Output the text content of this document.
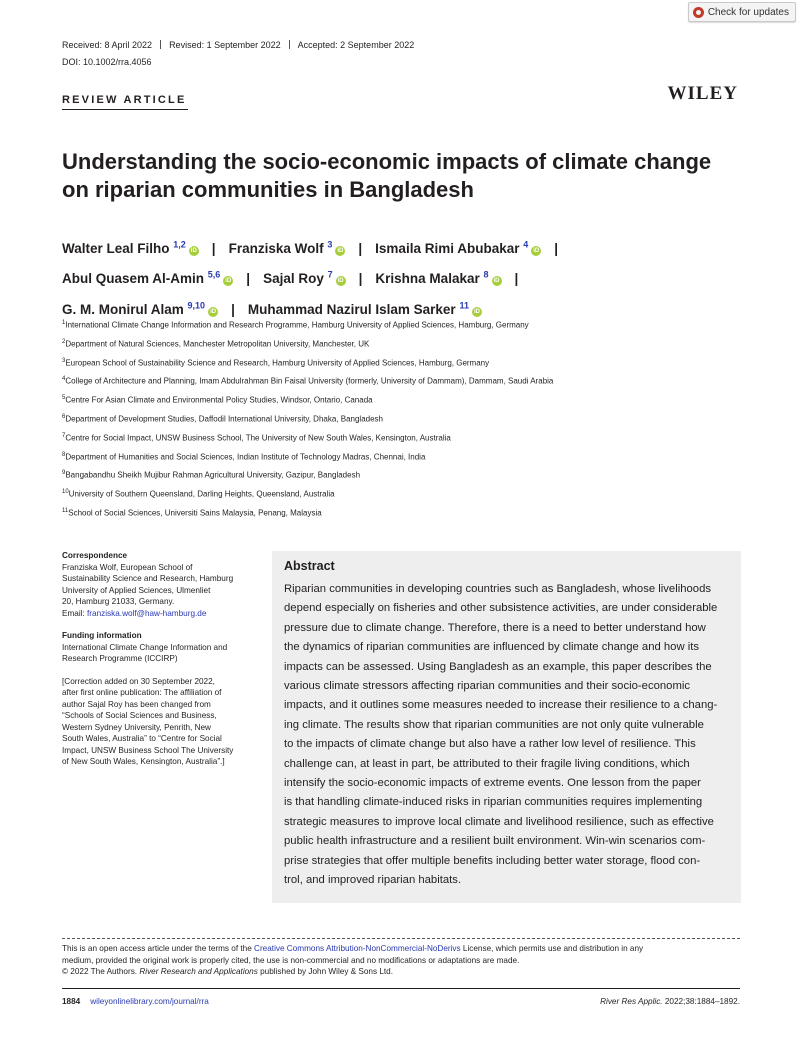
Check for updates
Received: 8 April 2022 Revised: 1 September 2022 Accepted: 2 September 2022
DOI: 10.1002/rra.4056
REVIEW ARTICLE	WILEY
Understanding the socio-economic impacts of climate change
on riparian communities in Bangladesh
Walter Leal Filho $^{1,2}$iD | Franziska Wolf $^3$iD | Ismaila Rimi Abubakar $^4$iD |
Abul Quasem Al-Amin $^{5,6}$iD | Sajal Roy $^7$iD | Krishna Malakar $^8$iD |
G. M. Monirul Alam $^{9,10}$iD | Muhammad Nazirul Islam Sarker $^{11}$iD
$^1$International Climate Change Information and Research Programme, Hamburg University of Applied Sciences, Hamburg, Germany
$^2$Department of Natural Sciences, Manchester Metropolitan University, Manchester, UK
$^3$European School of Sustainability Science and Research, Hamburg University of Applied Sciences, Hamburg, Germany
$^4$College of Architecture and Planning, Imam Abdulrahman Bin Faisal University (formerly, University of Dammam), Dammam, Saudi Arabia
$^5$Centre For Asian Climate and Environmental Policy Studies, Windsor, Ontario, Canada
$^6$Department of Development Studies, Daffodil International University, Dhaka, Bangladesh
$^7$Centre for Social Impact, UNSW Business School, The University of New South Wales, Kensington, Australia
$^8$Department of Humanities and Social Sciences, Indian Institute of Technology Madras, Chennai, India
$^9$Bangabandhu Sheikh Mujibur Rahman Agricultural University, Gazipur, Bangladesh
$^{10}$University of Southern Queensland, Darling Heights, Queensland, Australia
$^{11}$School of Social Sciences, Universiti Sains Malaysia, Penang, Malaysia

Correspondence

Franziska Wolf, European School of

Sustainability Science and Research, Hamburg

University of Applied Sciences, Ulmenliet

20, Hamburg 21033, Germany.

Email: franziska.wolf@haw-hamburg.de

Funding information

International Climate Change Information and

Research Programme (ICCIRP)

[Correction added on 30 September 2022,

after first online publication: The affiliation of

author Sajal Roy has been changed from

“Schools of Social Sciences and Business,

Western Sydney University, Penrith, New

South Wales, Australia” to “Centre for Social

Impact, UNSW Business School The University

of New South Wales, Kensington, Australia”.]

Abstract
Riparian communities in developing countries such as Bangladesh, whose livelihoods
depend especially on fisheries and other subsistence activities, are under considerable
pressure due to climate change. Therefore, there is a need to better understand how
the dynamics of riparian communities are influenced by climate change and how its
impacts can be assessed. Using Bangladesh as an example, this paper describes the
various climate stressors affecting riparian communities and their socio-economic
impacts, and it outlines some measures needed to increase their resilience to a chang-
ing climate. The results show that riparian communities are not only quite vulnerable
to the impacts of climate change but also have a rather low level of resilience. This
challenge can, at least in part, be attributed to their fragile living conditions, which
intensify the socio-economic impacts of extreme events. One lesson from the paper
is that handling climate-induced risks in riparian communities requires implementing
strategic measures to improve local climate and livelihood resilience, such as effective
public health infrastructure and a resilient built environment. Win-win scenarios com-
prise strategies that offer multiple benefits including better water storage, flood con-
trol, and improved riparian habitats.
This is an open access article under the terms of the Creative Commons Attribution-NonCommercial-NoDerivs License, which permits use and distribution in any
medium, provided the original work is properly cited, the use is non-commercial and no modifications or adaptations are made.
© 2022 The Authors. River Research and Applications published by John Wiley & Sons Ltd.
1884 wileyonlinelibrary.com/journal/rra	River Res Applic. 2022;38:1884–1892.
